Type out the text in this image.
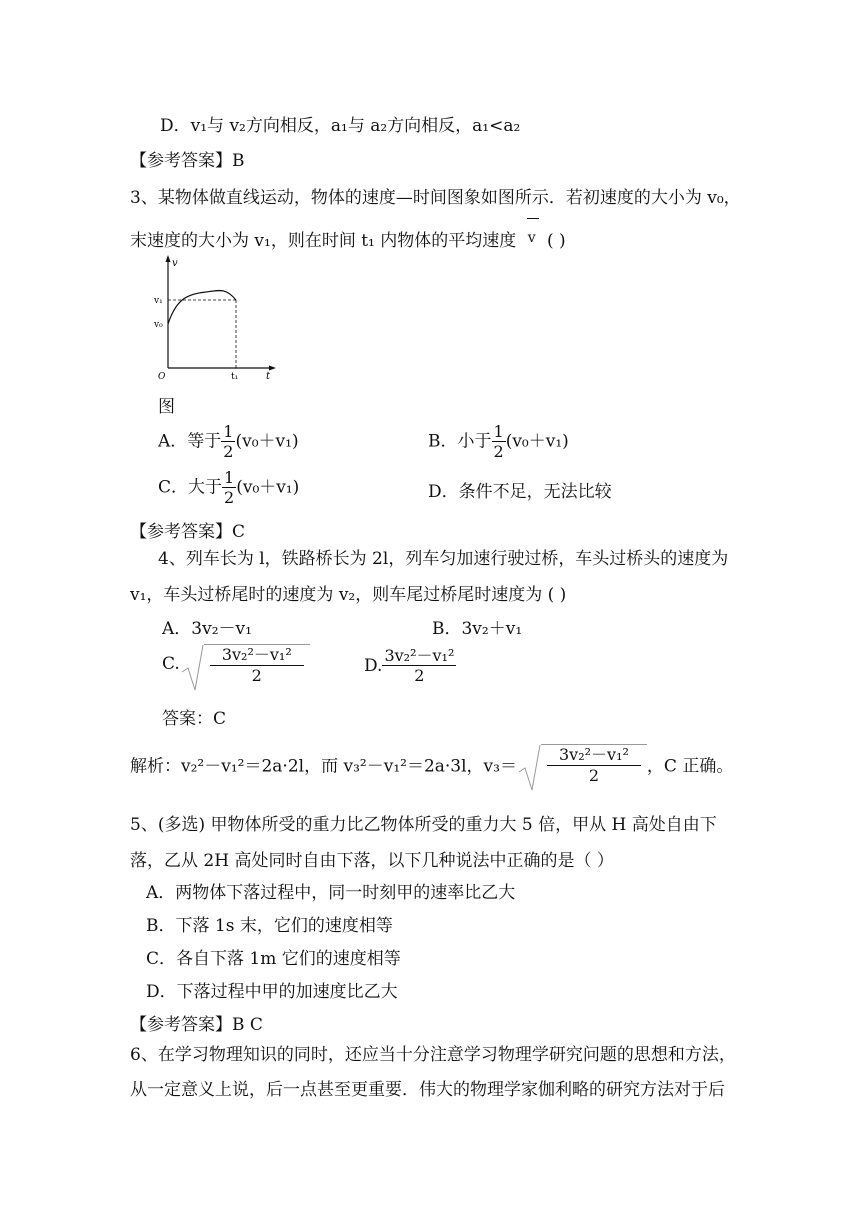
D．v₁与 v₂方向相反，a₁与 a₂方向相反，a₁<a₂
【参考答案】B
3、某物体做直线运动，物体的速度—时间图象如图所示．若初速度的大小为 v₀，
末速度的大小为 v₁，则在时间 t₁ 内物体的平均速度 v ( )
v
t
O
v₁
v₀
t₁
图
A．等于 $\frac{1}{2} (v_0+v_1)$	B．小于 $\frac{1}{2} (v_0+v_1)$
C．大于 $\frac{1}{2} (v_0+v_1)$	D．条件不足，无法比较
【参考答案】C
4、列车长为 l，铁路桥长为 2l，列车匀加速行驶过桥，车头过桥头的速度为
v₁，车头过桥尾时的速度为 v₂，则车尾过桥尾时速度为 ( )
A．3v₂－v₁	B．3v₂＋v₁
C. $\frac{\text{3v₂²－v₁²}}{2}$	D. $\frac{\text{3v₂²－v₁²}}{2}$
答案：C
解析：v₂²－v₁²＝2a·2l，而 v₃²－v₁²＝2a·3l，$v_3= \frac{\text{3v₂²－v₁²}}{2}$ ，C 正确。
5、(多选) 甲物体所受的重力比乙物体所受的重力大 5 倍，甲从 H 高处自由下
落，乙从 2H 高处同时自由下落，以下几种说法中正确的是（ ）
A．两物体下落过程中，同一时刻甲的速率比乙大
B．下落 1s 末，它们的速度相等
C．各自下落 1m 它们的速度相等
D．下落过程中甲的加速度比乙大
【参考答案】B C
6、在学习物理知识的同时，还应当十分注意学习物理学研究问题的思想和方法，
从一定意义上说，后一点甚至更重要．伟大的物理学家伽利略的研究方法对于后
